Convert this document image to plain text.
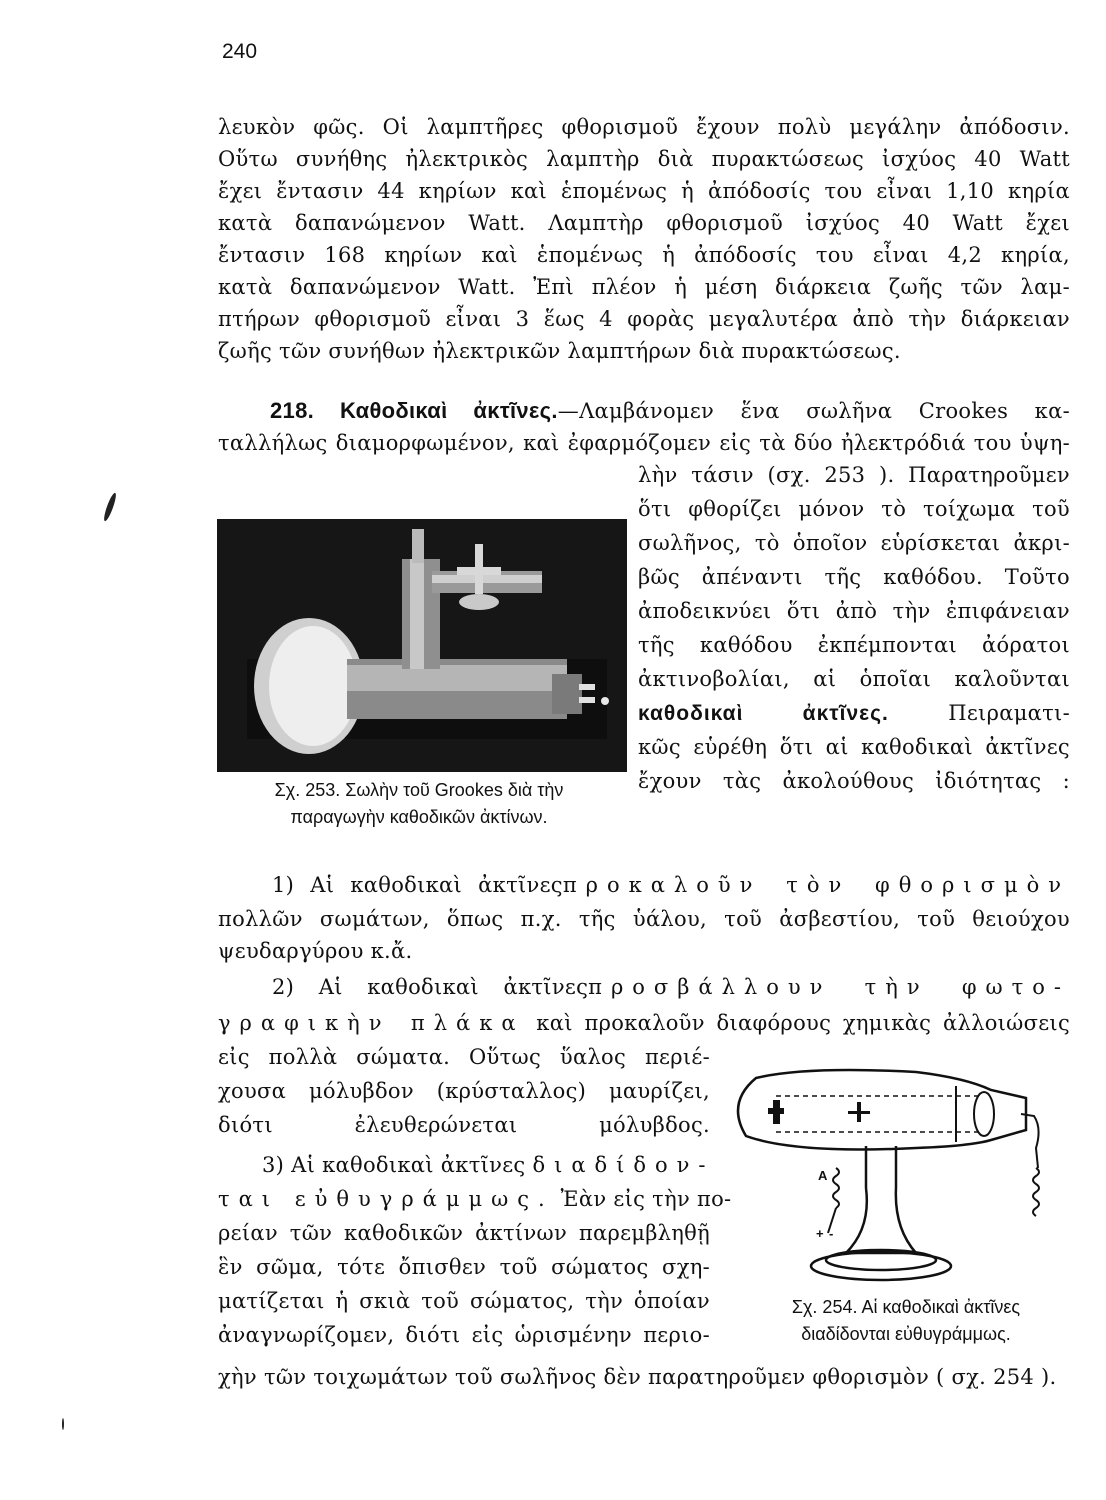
240
λευκὸν φῶς. Οἱ λαμπτῆρες φθορισμοῦ ἔχουν πολὺ μεγάλην ἀπόδοσιν.
Οὕτω συνήθης ἠλεκτρικὸς λαμπτὴρ διὰ πυρακτώσεως ἰσχύος 40 Watt
ἔχει ἔντασιν 44 κηρίων καὶ ἑπομένως ἡ ἀπόδοσίς του εἶναι 1,10 κηρία
κατὰ δαπανώμενον Watt. Λαμπτὴρ φθορισμοῦ ἰσχύος 40 Watt ἔχει
ἔντασιν 168 κηρίων καὶ ἑπομένως ἡ ἀπόδοσίς του εἶναι 4,2 κηρία,
κατὰ δαπανώμενον Watt. Ἐπὶ πλέον ἡ μέση διάρκεια ζωῆς τῶν λαμ-
πτήρων φθορισμοῦ εἶναι 3 ἕως 4 φορὰς μεγαλυτέρα ἀπὸ τὴν διάρκειαν
ζωῆς τῶν συνήθων ἠλεκτρικῶν λαμπτήρων διὰ πυρακτώσεως.
218. Καθοδικαὶ ἀκτῖνες.—Λαμβάνομεν ἕνα σωλῆνα Crookes κα-
ταλλήλως διαμορφωμένον, καὶ ἐφαρμόζομεν εἰς τὰ δύο ἠλεκτρόδιά του ὑψη-
λὴν τάσιν (σχ. 253 ). Παρατηροῦμεν
ὅτι φθορίζει μόνον τὸ τοίχωμα τοῦ
σωλῆνος, τὸ ὁποῖον εὑρίσκεται ἀκρι-
βῶς ἀπέναντι τῆς καθόδου. Τοῦτο
ἀποδεικνύει ὅτι ἀπὸ τὴν ἐπιφάνειαν
τῆς καθόδου ἐκπέμπονται ἀόρατοι
ἀκτινοβολίαι, αἱ ὁποῖαι καλοῦνται
καθοδικαὶ ἀκτῖνες. Πειραματι-
κῶς εὑρέθη ὅτι αἱ καθοδικαὶ ἀκτῖνες
ἔχουν τὰς ἀκολούθους ἰδιότητας :
Σχ. 253. Σωλὴν τοῦ Grookes διὰ τὴν
παραγωγὴν καθοδικῶν ἀκτίνων.
1) Αἱ καθοδικαὶ ἀκτῖνεςπροκαλοῦν τὸν φθορισμὸν
πολλῶν σωμάτων, ὅπως π.χ. τῆς ὑάλου, τοῦ ἀσβεστίου, τοῦ θειούχου
ψευδαργύρου κ.ἄ.
2) Αἱ καθοδικαὶ ἀκτῖνεςπροσβάλλουν τὴν φωτο-
γραφικὴν πλάκα καὶ προκαλοῦν διαφόρους χημικὰς ἀλλοιώσεις
εἰς πολλὰ σώματα. Οὕτως ὕαλος περιέ-
χουσα μόλυβδον (κρύσταλλος) μαυρίζει,
διότι ἐλευθερώνεται μόλυβδος.
3) Αἱ καθοδικαὶ ἀκτῖνες διαδίδον-
ται εὐθυγράμμως. Ἐὰν εἰς τὴν πο-
ρείαν τῶν καθοδικῶν ἀκτίνων παρεμβληθῇ
ἓν σῶμα, τότε ὄπισθεν τοῦ σώματος σχη-
ματίζεται ἡ σκιὰ τοῦ σώματος, τὴν ὁποίαν
ἀναγνωρίζομεν, διότι εἰς ὡρισμένην περιο-
χὴν τῶν τοιχωμάτων τοῦ σωλῆνος δὲν παρατηροῦμεν φθορισμὸν ( σχ. 254 ).
A
+ -
Σχ. 254. Αἱ καθοδικαὶ ἀκτῖνες
διαδίδονται εὐθυγράμμως.
